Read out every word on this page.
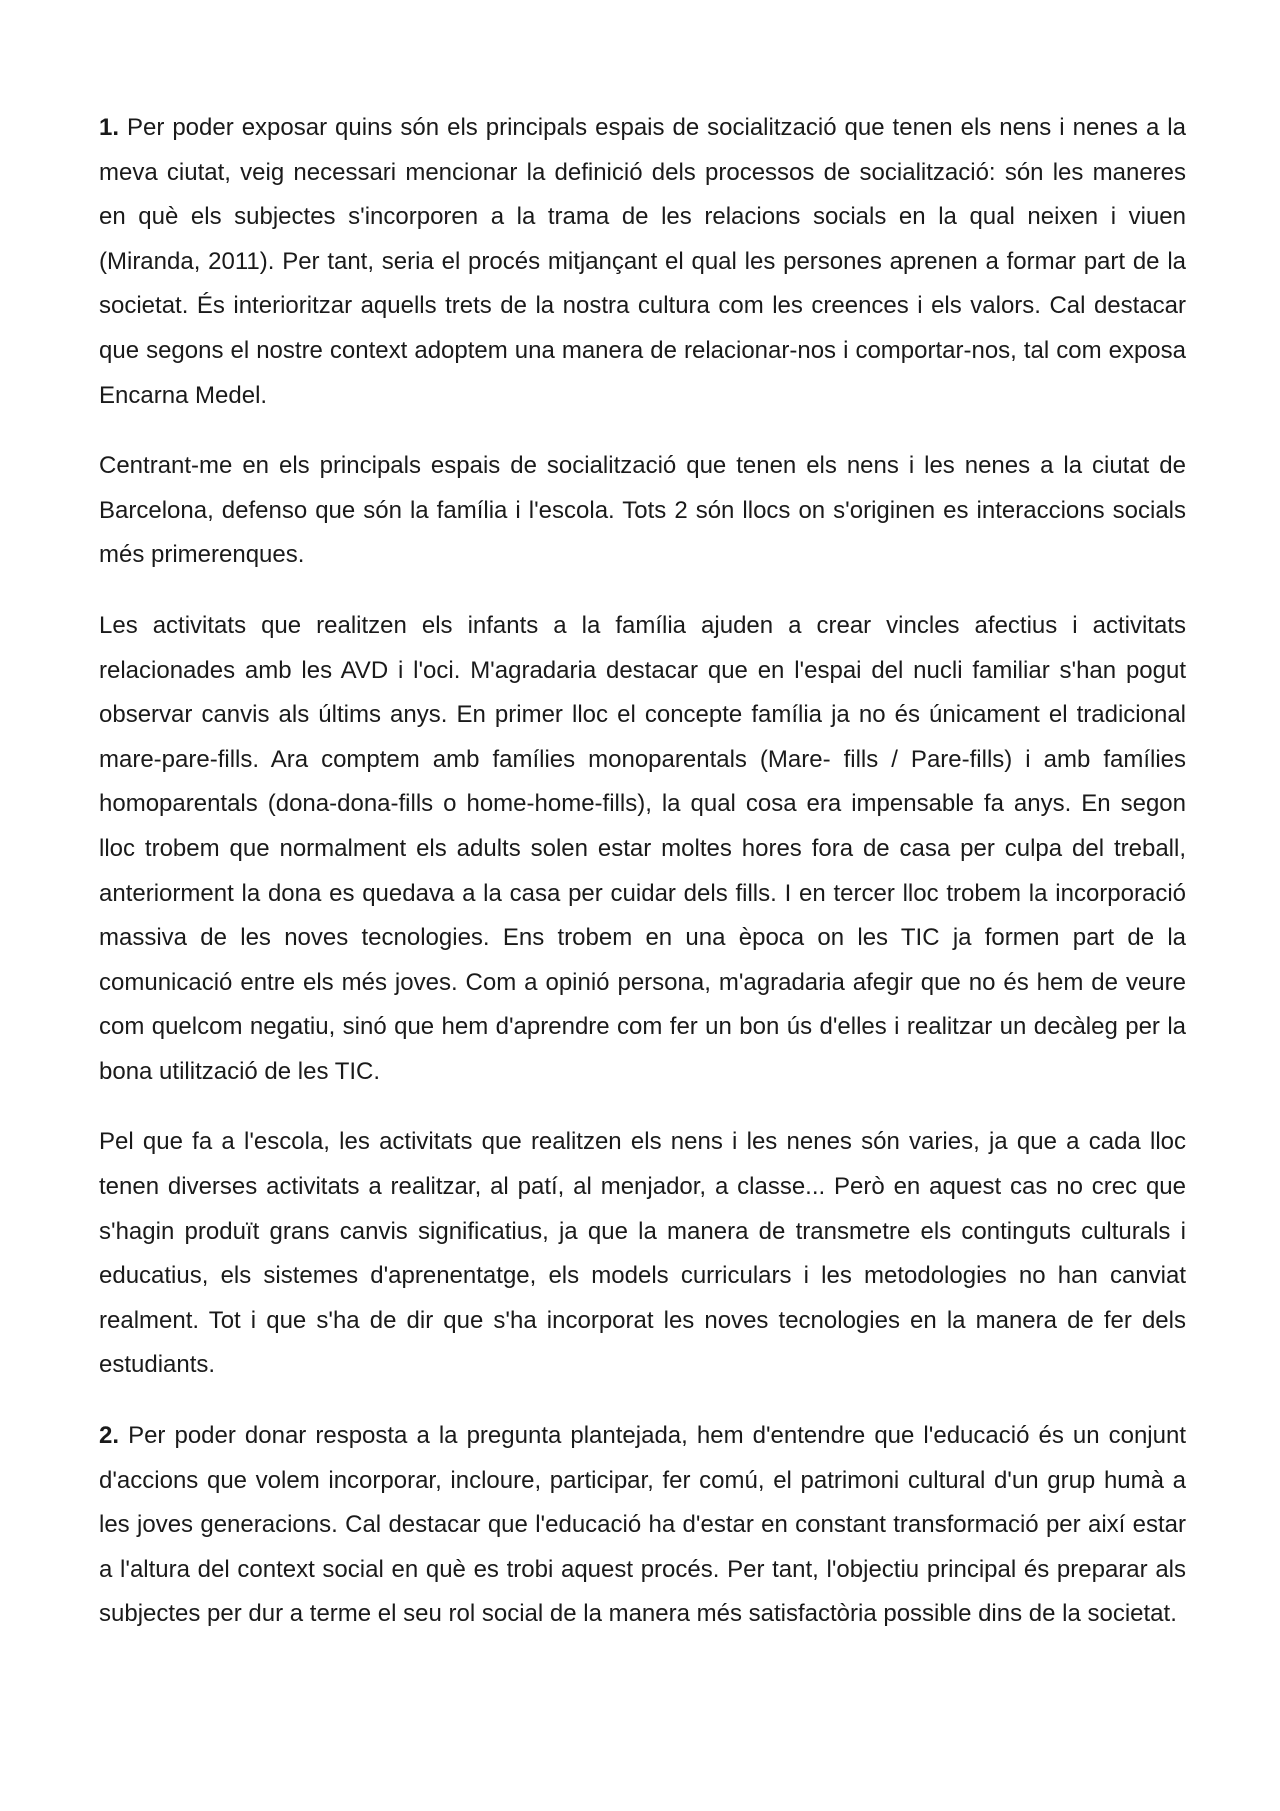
1. Per poder exposar quins són els principals espais de socialització que tenen els nens i nenes a la meva ciutat, veig necessari mencionar la definició dels processos de socialització: són les maneres en què els subjectes s'incorporen a la trama de les relacions socials en la qual neixen i viuen (Miranda, 2011). Per tant, seria el procés mitjançant el qual les persones aprenen a formar part de la societat. És interioritzar aquells trets de la nostra cultura com les creences i els valors. Cal destacar que segons el nostre context adoptem una manera de relacionar-nos i comportar-nos, tal com exposa Encarna Medel.

Centrant-me en els principals espais de socialització que tenen els nens i les nenes a la ciutat de Barcelona, defenso que són la família i l'escola. Tots 2 són llocs on s'originen es interaccions socials més primerenques.

Les activitats que realitzen els infants a la família ajuden a crear vincles afectius i activitats relacionades amb les AVD i l'oci. M'agradaria destacar que en l'espai del nucli familiar s'han pogut observar canvis als últims anys. En primer lloc el concepte família ja no és únicament el tradicional mare-pare-fills. Ara comptem amb famílies monoparentals (Mare- fills / Pare-fills) i amb famílies homoparentals (dona-dona-fills o home-home-fills), la qual cosa era impensable fa anys. En segon lloc trobem que normalment els adults solen estar moltes hores fora de casa per culpa del treball, anteriorment la dona es quedava a la casa per cuidar dels fills. I en tercer lloc trobem la incorporació massiva de les noves tecnologies. Ens trobem en una època on les TIC ja formen part de la comunicació entre els més joves. Com a opinió persona, m'agradaria afegir que no és hem de veure com quelcom negatiu, sinó que hem d'aprendre com fer un bon ús d'elles i realitzar un decàleg per la bona utilització de les TIC.

Pel que fa a l'escola, les activitats que realitzen els nens i les nenes són varies, ja que a cada lloc tenen diverses activitats a realitzar, al patí, al menjador, a classe... Però en aquest cas no crec que s'hagin produït grans canvis significatius, ja que la manera de transmetre els continguts culturals i educatius, els sistemes d'aprenentatge, els models curriculars i les metodologies no han canviat realment. Tot i que s'ha de dir que s'ha incorporat les noves tecnologies en la manera de fer dels estudiants.

2. Per poder donar resposta a la pregunta plantejada, hem d'entendre que l'educació és un conjunt d'accions que volem incorporar, incloure, participar, fer comú, el patrimoni cultural d'un grup humà a les joves generacions. Cal destacar que l'educació ha d'estar en constant transformació per així estar a l'altura del context social en què es trobi aquest procés. Per tant, l'objectiu principal és preparar als subjectes per dur a terme el seu rol social de la manera més satisfactòria possible dins de la societat.
